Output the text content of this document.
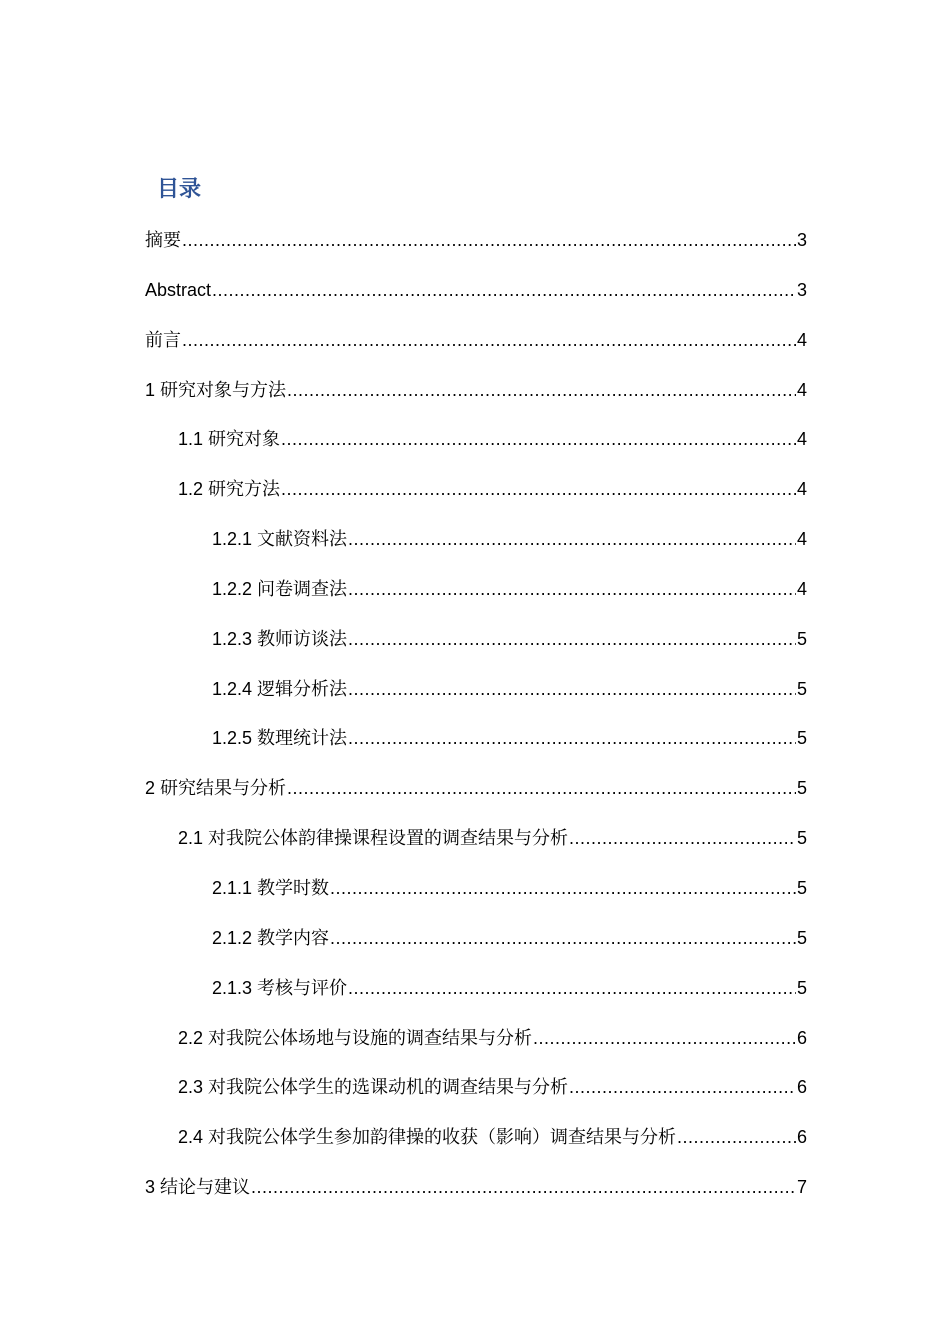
目录
摘要 .....	3
Abstract .....	3
前言 .....	4
1 研究对象与方法 .....	4
1.1 研究对象 .....	4
1.2 研究方法 .....	4
1.2.1 文献资料法 .....	4
1.2.2 问卷调查法 .....	4
1.2.3 教师访谈法 .....	5
1.2.4 逻辑分析法 .....	5
1.2.5 数理统计法 .....	5
2 研究结果与分析 .....	5
2.1 对我院公体韵律操课程设置的调查结果与分析 .....	5
2.1.1 教学时数 .....	5
2.1.2 教学内容 .....	5
2.1.3 考核与评价 .....	5
2.2 对我院公体场地与设施的调查结果与分析 .....	6
2.3 对我院公体学生的选课动机的调查结果与分析 .....	6
2.4 对我院公体学生参加韵律操的收获（影响）调查结果与分析 .....	6
3 结论与建议 .....	7
